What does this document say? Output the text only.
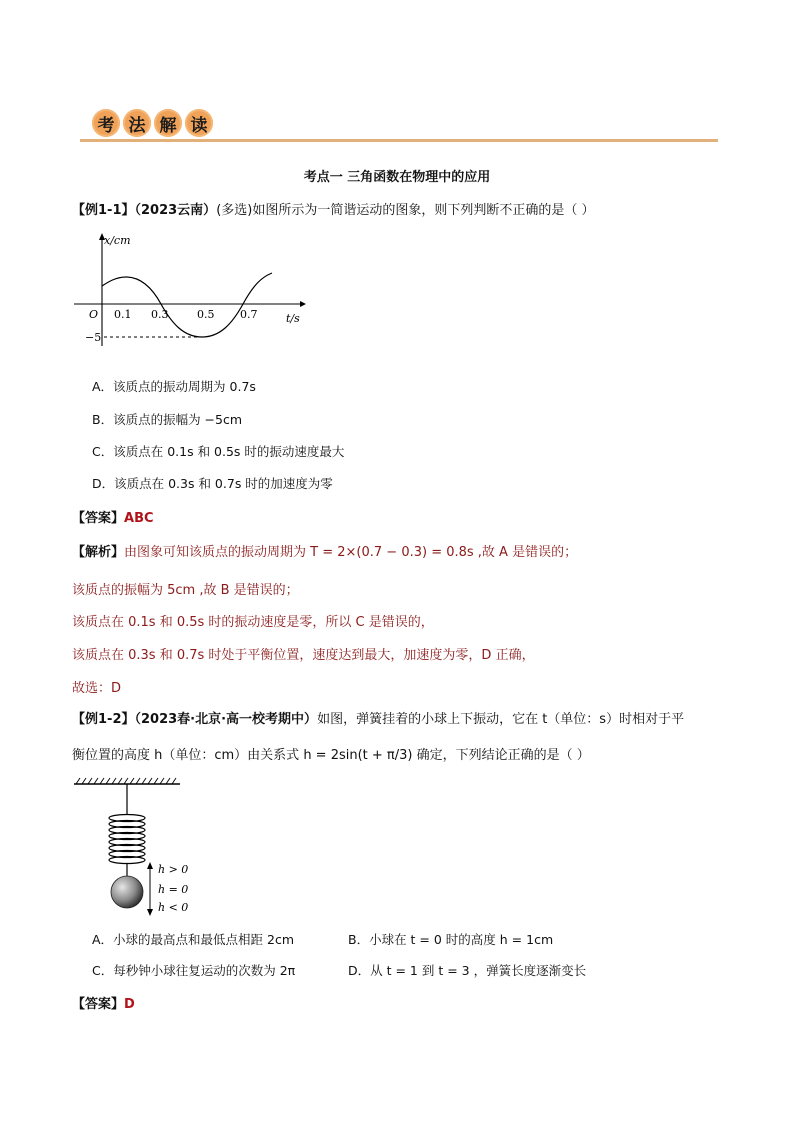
考 法 解 读
考点一 三角函数在物理中的应用
【例1-1】（2023云南）(多选)如图所示为一简谐运动的图象，则下列判断不正确的是（ ）
x/cm
t/s
O 0.1 0.3	0.5 0.7
−5
A．该质点的振动周期为 0.7s
B．该质点的振幅为 −5cm
C．该质点在 0.1s 和 0.5s 时的振动速度最大
D．该质点在 0.3s 和 0.7s 时的加速度为零
【答案】ABC
【解析】由图象可知该质点的振动周期为 T = 2×(0.7 − 0.3) = 0.8s ,故 A 是错误的；
该质点的振幅为 5cm ,故 B 是错误的；
该质点在 0.1s 和 0.5s 时的振动速度是零，所以 C 是错误的，
该质点在 0.3s 和 0.7s 时处于平衡位置，速度达到最大，加速度为零，D 正确，
故选：D
【例1-2】（2023春·北京·高一校考期中）如图，弹簧挂着的小球上下振动，它在 t（单位：s）时相对于平
衡位置的高度 h（单位：cm）由关系式 h = 2sin(t + π/3) 确定，下列结论正确的是（ ）
h > 0
h = 0
h < 0
A．小球的最高点和最低点相距 2cm	B．小球在 t = 0 时的高度 h = 1cm
C．每秒钟小球往复运动的次数为 2π	D．从 t = 1 到 t = 3 ，弹簧长度逐渐变长
【答案】D
